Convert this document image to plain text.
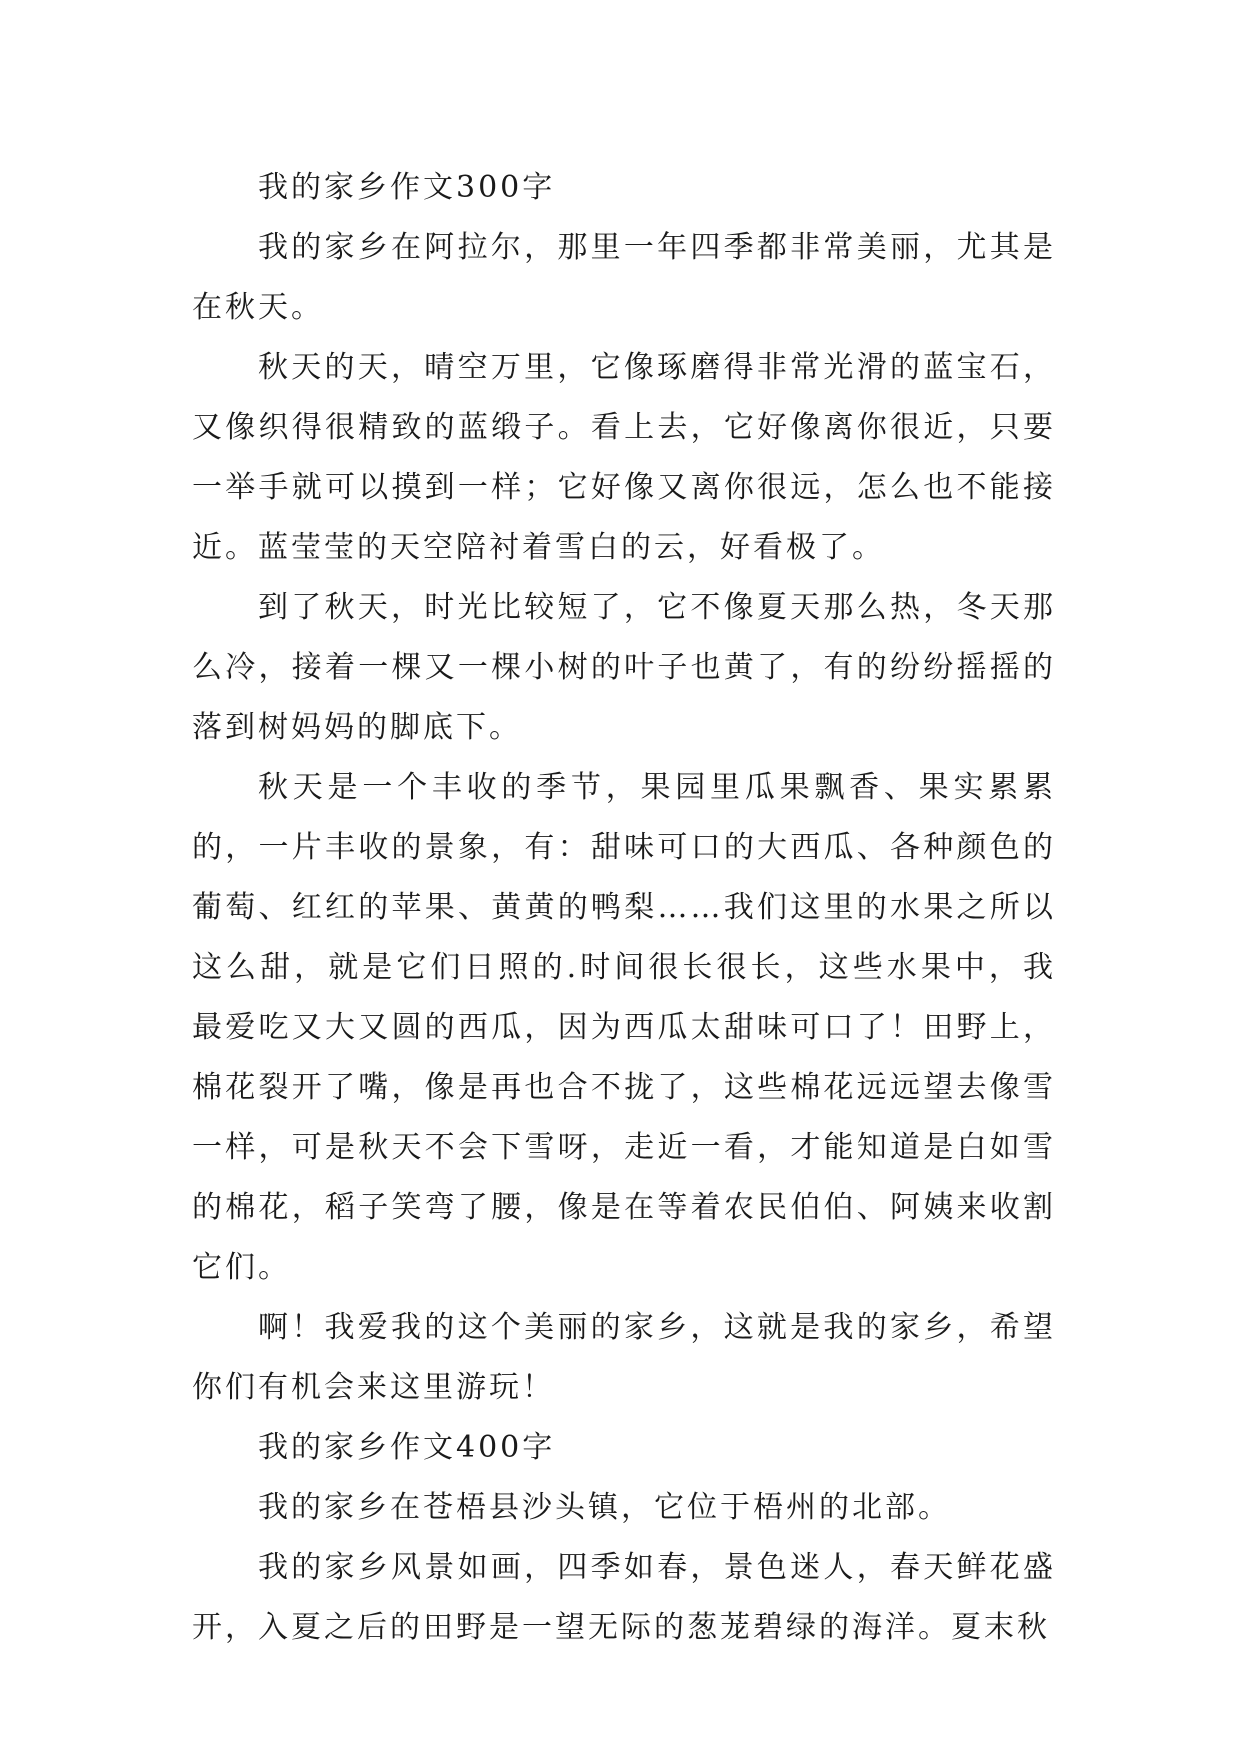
我的家乡作文300字

我的家乡在阿拉尔，那里一年四季都非常美丽，尤其是在秋天。

秋天的天，晴空万里，它像琢磨得非常光滑的蓝宝石，又像织得很精致的蓝缎子。看上去，它好像离你很近，只要一举手就可以摸到一样；它好像又离你很远，怎么也不能接近。蓝莹莹的天空陪衬着雪白的云，好看极了。

到了秋天，时光比较短了，它不像夏天那么热，冬天那么冷，接着一棵又一棵小树的叶子也黄了，有的纷纷摇摇的落到树妈妈的脚底下。

秋天是一个丰收的季节，果园里瓜果飘香、果实累累的，一片丰收的景象，有：甜味可口的大西瓜、各种颜色的葡萄、红红的苹果、黄黄的鸭梨……我们这里的水果之所以这么甜，就是它们日照的.时间很长很长，这些水果中，我最爱吃又大又圆的西瓜，因为西瓜太甜味可口了！田野上，棉花裂开了嘴，像是再也合不拢了，这些棉花远远望去像雪一样，可是秋天不会下雪呀，走近一看，才能知道是白如雪的棉花，稻子笑弯了腰，像是在等着农民伯伯、阿姨来收割它们。

啊！我爱我的这个美丽的家乡，这就是我的家乡，希望你们有机会来这里游玩！

我的家乡作文400字

我的家乡在苍梧县沙头镇，它位于梧州的北部。

我的家乡风景如画，四季如春，景色迷人，春天鲜花盛开，入夏之后的田野是一望无际的葱茏碧绿的海洋。夏末秋
